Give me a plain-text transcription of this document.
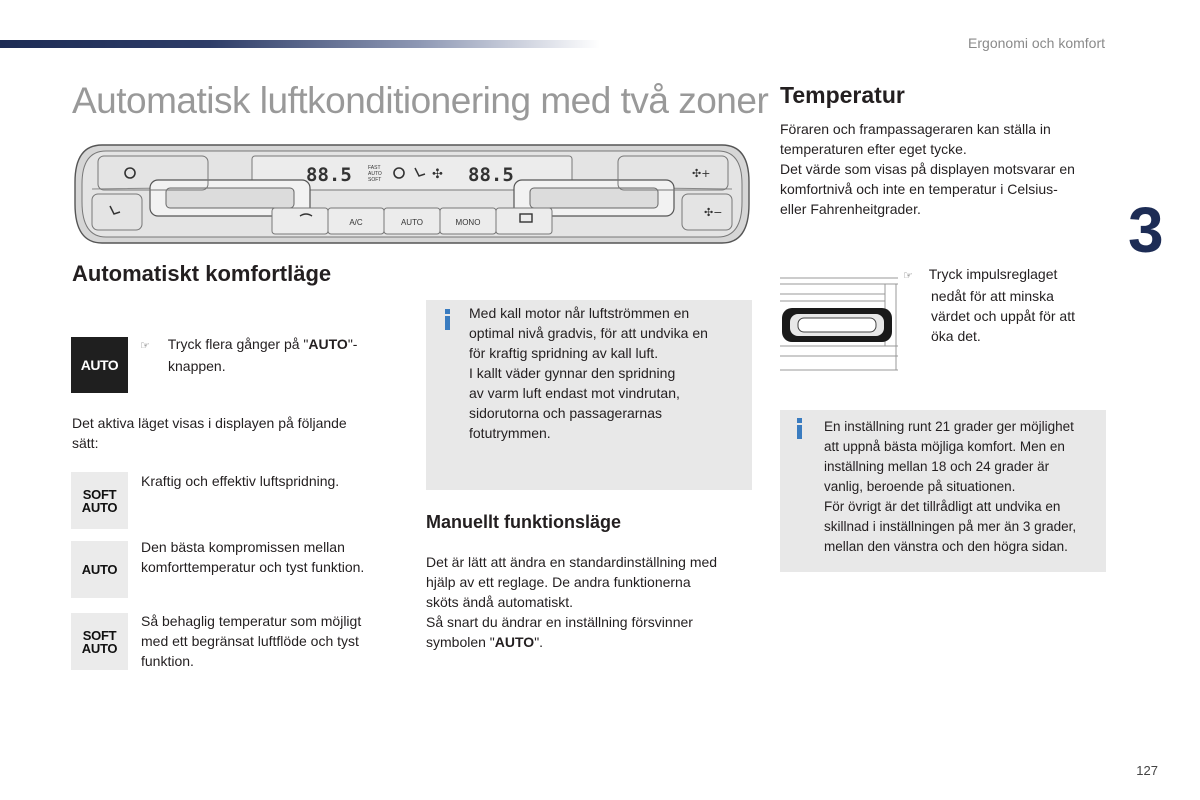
Ergonomi och komfort
3
127
Automatisk luftkonditionering med två zoner
✣+
✣−
✣
88.5	88.5
FAST
AUTO
SOFT
A/C	AUTO	MONO
Automatiskt komfortläge
AUTO
☞ Tryck flera gånger på "AUTO"-
knappen.
Det aktiva läget visas i displayen på följande
sätt:
SOFT
AUTO
Kraftig och effektiv luftspridning.
AUTO
Den bästa kompromissen mellan
komforttemperatur och tyst funktion.
SOFT
AUTO
Så behaglig temperatur som möjligt
med ett begränsat luftflöde och tyst
funktion.
Med kall motor når luftströmmen en
optimal nivå gradvis, för att undvika en
för kraftig spridning av kall luft.
I kallt väder gynnar den spridning
av varm luft endast mot vindrutan,
sidorutorna och passagerarnas
fotutrymmen.
Manuellt funktionsläge
Det är lätt att ändra en standardinställning med
hjälp av ett reglage. De andra funktionerna
sköts ändå automatiskt.
Så snart du ändrar en inställning försvinner
symbolen "AUTO".
Temperatur
Föraren och frampassageraren kan ställa in
temperaturen efter eget tycke.
Det värde som visas på displayen motsvarar en
komfortnivå och inte en temperatur i Celsius-
eller Fahrenheitgrader.
☞ Tryck impulsreglaget
nedåt för att minska
värdet och uppåt för att
öka det.
En inställning runt 21 grader ger möjlighet
att uppnå bästa möjliga komfort. Men en
inställning mellan 18 och 24 grader är
vanlig, beroende på situationen.
För övrigt är det tillrådligt att undvika en
skillnad i inställningen på mer än 3 grader,
mellan den vänstra och den högra sidan.
